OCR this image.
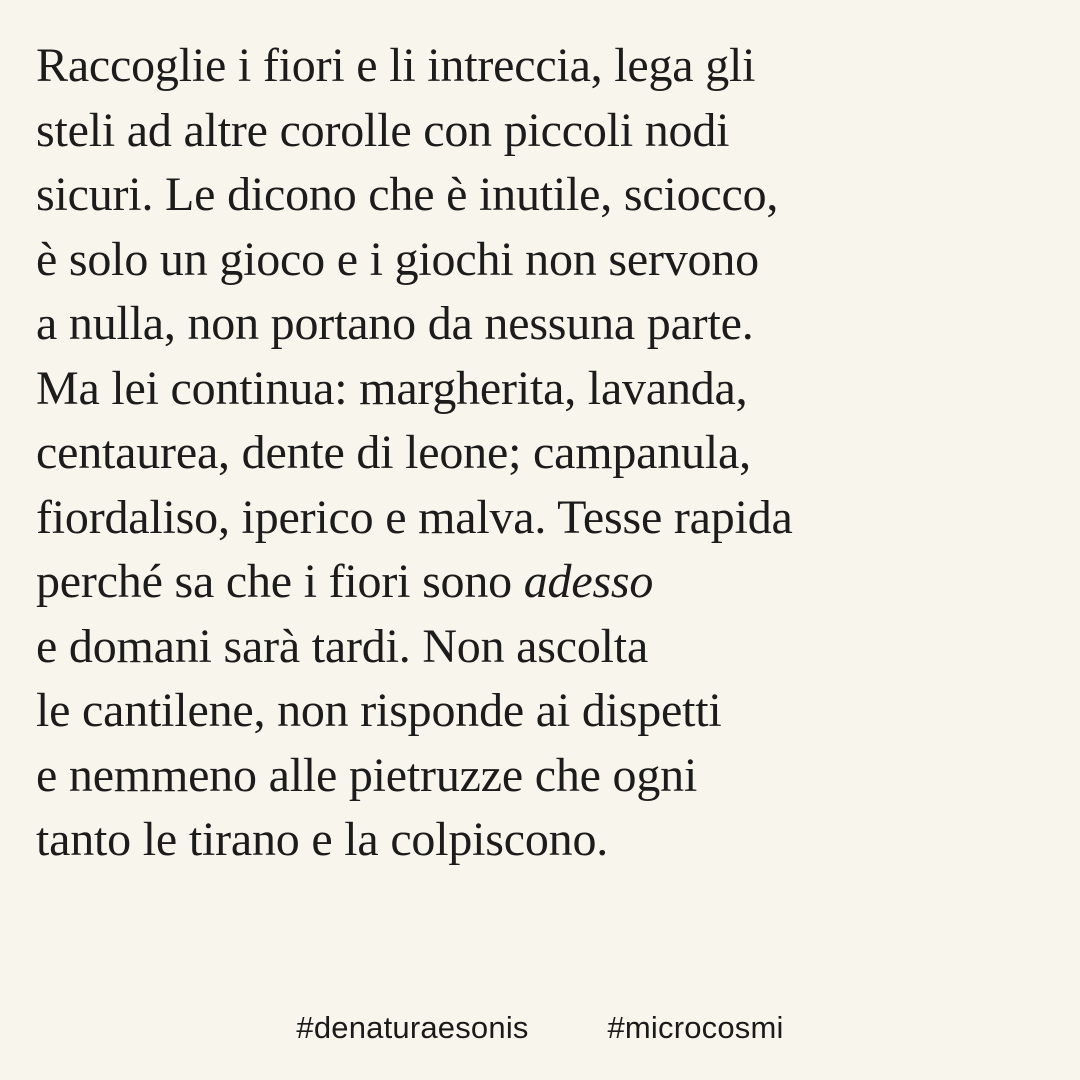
Raccoglie i fiori e li intreccia, lega gli
steli ad altre corolle con piccoli nodi
sicuri. Le dicono che è inutile, sciocco,
è solo un gioco e i giochi non servono
a nulla, non portano da nessuna parte.
Ma lei continua: margherita, lavanda,
centaurea, dente di leone; campanula,
fiordaliso, iperico e malva. Tesse rapida
perché sa che i fiori sono adesso
e domani sarà tardi. Non ascolta
le cantilene, non risponde ai dispetti
e nemmeno alle pietruzze che ogni
tanto le tirano e la colpiscono.
#denaturaesonis	#microcosmi
